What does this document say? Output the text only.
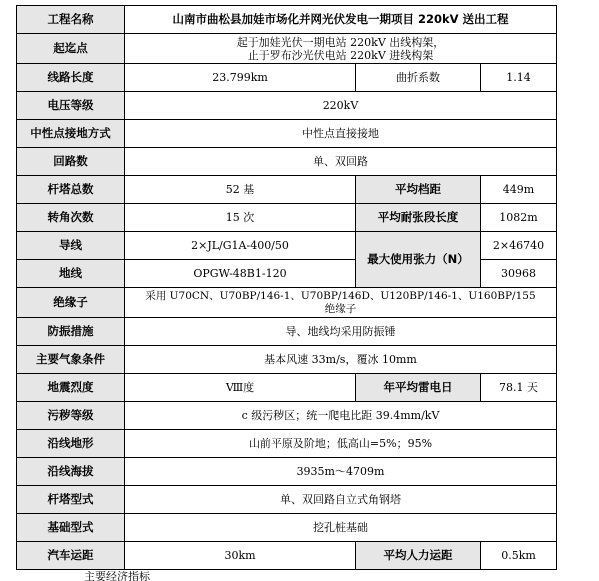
工程名称	山南市曲松县加娃市场化并网光伏发电一期项目 220kV 送出工程		
起迄点	起于加娃光伏一期电站 220kV 出线构架，
止于罗布沙光伏电站 220kV 进线构架		

线路长度	23.799km	曲折系数	1.14
电压等级	220kV		
中性点接地方式	中性点直接接地		
回路数	单、双回路		
杆塔总数	52 基	平均档距	449m
转角次数	15 次	平均耐张段长度	1082m
导线	2×JL/G1A-400/50	最大使用张力（N）	2×46740
地线	OPGW-48B1-120		30968
绝缘子	采用 U70CN、U70BP/146-1、U70BP/146D、U120BP/146-1、U160BP/155
绝缘子		

防振措施	导、地线均采用防振锤		
主要气象条件	基本风速 33m/s，覆冰 10mm		
地震烈度	Ⅷ度	年平均雷电日	78.1 天
污秽等级	c 级污秽区；统一爬电比距 39.4mm/kV		
沿线地形	山前平原及阶地；低高山=5%；95%		
沿线海拔	3935m～4709m		
杆塔型式	单、双回路自立式角钢塔		
基础型式	挖孔桩基础		
汽车运距	30km	平均人力运距	0.5km
主要经济指标
